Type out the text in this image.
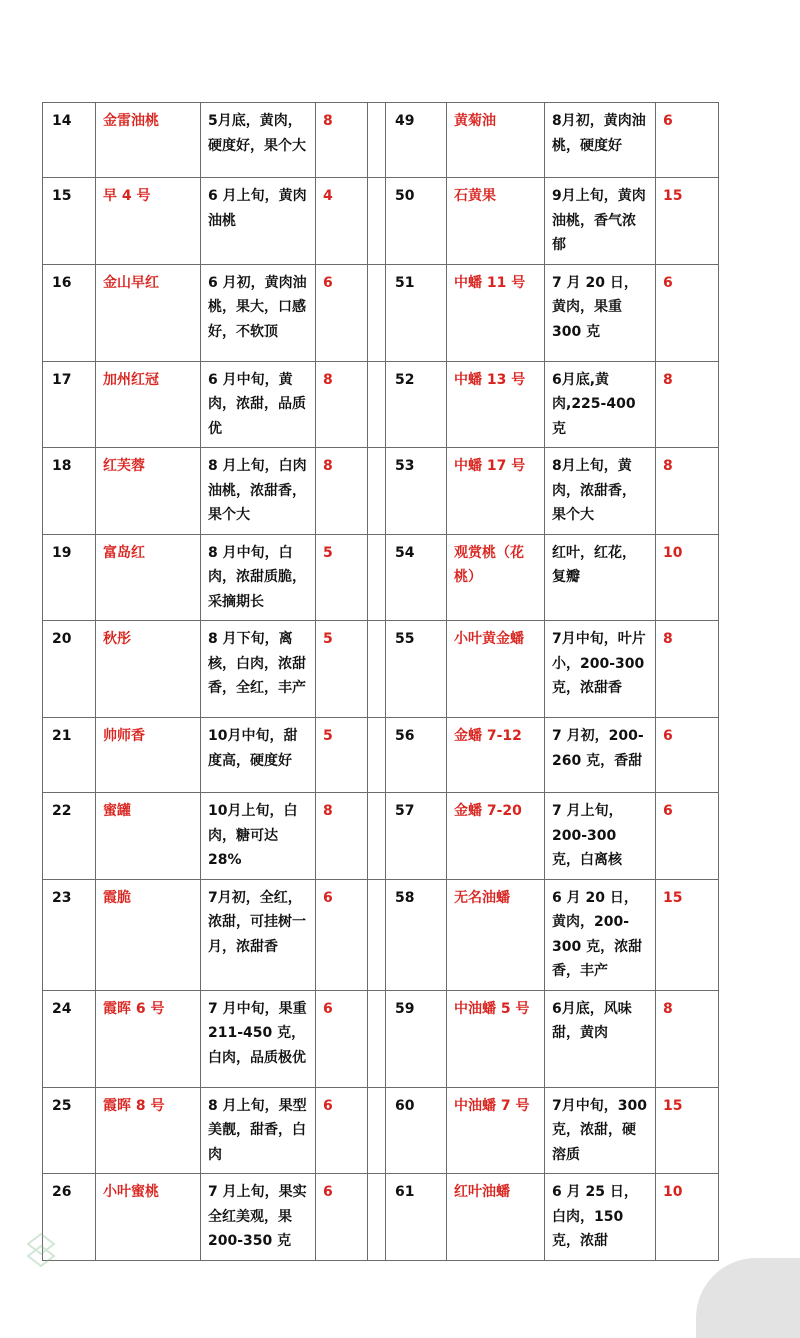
14	金雷油桃	5月底，黄肉，硬度好，果个大	8		49	黄菊油	8月初，黄肉油桃，硬度好	6
15	早 4 号	6 月上旬，黄肉油桃	4		50	石黄果	9月上旬，黄肉油桃，香气浓郁	15
16	金山早红	6 月初，黄肉油桃，果大，口感好，不软顶	6		51	中蟠 11 号	7 月 20 日，黄肉，果重 300 克	6
17	加州红冠	6 月中旬，黄肉，浓甜，品质优	8		52	中蟠 13 号	6月底,黄肉,225-400 克	8
18	红芙蓉	8 月上旬，白肉油桃，浓甜香，果个大	8		53	中蟠 17 号	8月上旬，黄肉，浓甜香，果个大	8
19	富岛红	8 月中旬，白肉，浓甜质脆，采摘期长	5		54	观赏桃（花桃）	红叶，红花，复瓣	10
20	秋彤	8 月下旬，离核，白肉，浓甜香，全红，丰产	5		55	小叶黄金蟠	7月中旬，叶片小，200-300 克，浓甜香	8
21	帅师香	10月中旬，甜度高，硬度好	5		56	金蟠 7-12	7 月初，200-260 克，香甜	6
22	蜜罐	10月上旬，白肉，糖可达 28%	8		57	金蟠 7-20	7 月上旬，200-300 克，白离核	6
23	霞脆	7月初，全红，浓甜，可挂树一月，浓甜香	6		58	无名油蟠	6 月 20 日，黄肉，200-300 克，浓甜香，丰产	15
24	霞晖 6 号	7 月中旬，果重 211-450 克，白肉，品质极优	6		59	中油蟠 5 号	6月底，风味甜，黄肉	8
25	霞晖 8 号	8 月上旬，果型美靓，甜香，白肉	6		60	中油蟠 7 号	7月中旬，300 克，浓甜，硬溶质	15
26	小叶蜜桃	7 月上旬，果实全红美观，果 200-350 克	6		61	红叶油蟠	6 月 25 日，白肉，150 克，浓甜	10
